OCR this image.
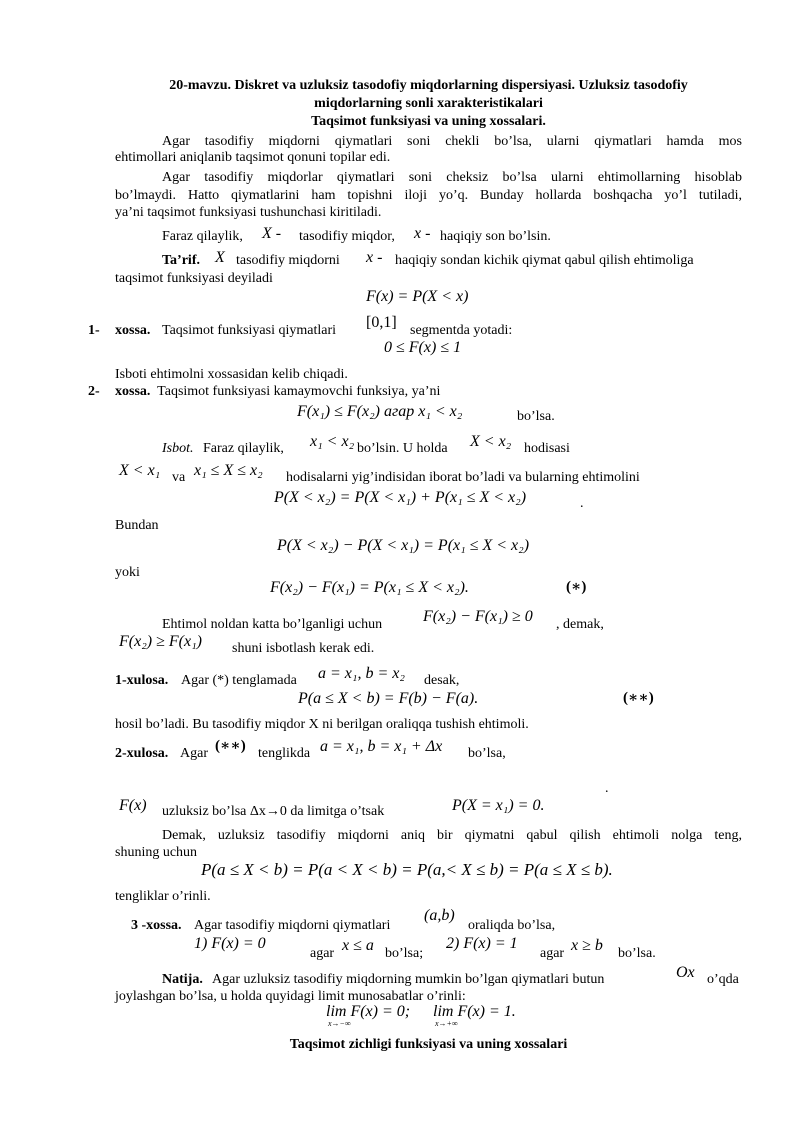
20-mavzu. Diskret va uzluksiz tasodofiy miqdorlarning dispersiyasi. Uzluksiz tasodofiy
miqdorlarning sonli xarakteristikalari
Taqsimot funksiyasi va uning xossalari.
Agar tasodifiy miqdorni qiymatlari soni chekli bo’lsa, ularni qiymatlari hamda mos
ehtimollari aniqlanib taqsimot qonuni topilar edi.
Agar tasodifiy miqdorlar qiymatlari soni cheksiz bo’lsa ularni ehtimollarning hisoblab
bo’lmaydi. Hatto qiymatlarini ham topishni iloji yo’q. Bunday hollarda boshqacha yo’l tutiladi,
ya’ni taqsimot funksiyasi tushunchasi kiritiladi.
Faraz qilaylik, X - tasodifiy miqdor, x - haqiqiy son bo’lsin.
Ta’rif. X tasodifiy miqdorni x - haqiqiy sondan kichik qiymat qabul qilish ehtimoliga
taqsimot funksiyasi deyiladi
F(x) = P(X < x)
1- xossa. Taqsimot funksiyasi qiymatlari [0,1] segmentda yotadi:
0 ≤ F(x) ≤ 1
Isboti ehtimolni xossasidan kelib chiqadi.
2- xossa. Taqsimot funksiyasi kamaymovchi funksiya, ya’ni
F(x₁) ≤ F(x₂) агар x₁ < x₂	bo’lsa.
Isbot. Faraz qilaylik, x₁ < x₂ bo’lsin. U holda X < x₂ hodisasi
X < x₁ va x₁ ≤ X ≤ x₂ hodisalarni yig’indisidan iborat bo’ladi va bularning ehtimolini
P(X < x₂) = P(X < x₁) + P(x₁ ≤ X < x₂)	.
Bundan
P(X < x₂) − P(X < x₁) = P(x₁ ≤ X < x₂)
yoki
F(x₂) − F(x₁) = P(x₁ ≤ X < x₂).	(∗)
Ehtimol noldan katta bo’lganligi uchun	F(x₂) − F(x₁) ≥ 0 , demak,
F(x₂) ≥ F(x₁) shuni isbotlash kerak edi.
1-xulosa. Agar (*) tenglamada a = x₁, b = x₂ desak,
P(a ≤ X < b) = F(b) − F(a).	(∗∗)
hosil bo’ladi. Bu tasodifiy miqdor X ni berilgan oraliqqa tushish ehtimoli.
2-xulosa. Agar (∗∗) tenglikda a = x₁, b = x₁ + Δx bo’lsa,
.
F(x) uzluksiz bo’lsa Δx→0 da limitga o’tsak	P(X = x₁) = 0.
Demak, uzluksiz tasodifiy miqdorni aniq bir qiymatni qabul qilish ehtimoli nolga teng,
shuning uchun
P(a ≤ X < b) = P(a < X < b) = P(a,< X ≤ b) = P(a ≤ X ≤ b).
tengliklar o’rinli.
3 -xossa. Agar tasodifiy miqdorni qiymatlari
(a,b)
oraliqda bo’lsa,
1) F(x) = 0
agar x ≤ a bo’lsa;
2) F(x) = 1
agar x ≥ b bo’lsa.
Natija. Agar uzluksiz tasodifiy miqdorning mumkin bo’lgan qiymatlari butun	Ox o’qda
joylashgan bo’lsa, u holda quyidagi limit munosabatlar o’rinli:
lim F(x) = 0;
x→−∞
lim F(x) = 1.
x→+∞
Taqsimot zichligi funksiyasi va uning xossalari
